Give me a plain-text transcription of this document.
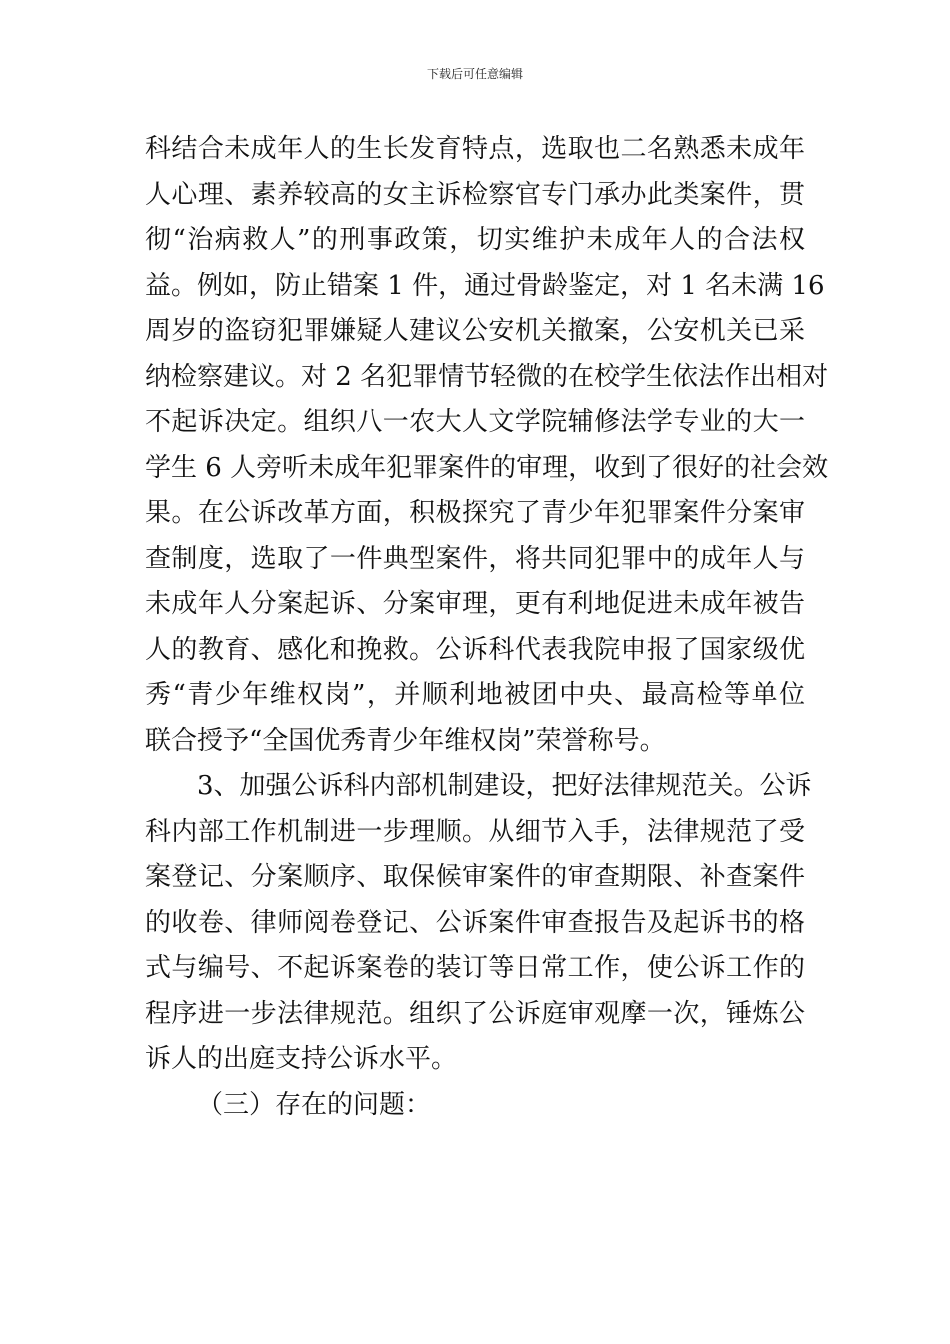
下载后可任意编辑
科结合未成年人的生长发育特点，选取也二名熟悉未成年
人心理、素养较高的女主诉检察官专门承办此类案件，贯
彻“治病救人”的刑事政策，切实维护未成年人的合法权
益。例如，防止错案 1 件，通过骨龄鉴定，对 1 名未满 16
周岁的盗窃犯罪嫌疑人建议公安机关撤案，公安机关已采
纳检察建议。对 2 名犯罪情节轻微的在校学生依法作出相对
不起诉决定。组织八一农大人文学院辅修法学专业的大一
学生 6 人旁听未成年犯罪案件的审理，收到了很好的社会效
果。在公诉改革方面，积极探究了青少年犯罪案件分案审
查制度，选取了一件典型案件，将共同犯罪中的成年人与
未成年人分案起诉、分案审理，更有利地促进未成年被告
人的教育、感化和挽救。公诉科代表我院申报了国家级优
秀“青少年维权岗”，并顺利地被团中央、最高检等单位
联合授予“全国优秀青少年维权岗”荣誉称号。
3、加强公诉科内部机制建设，把好法律规范关。公诉
科内部工作机制进一步理顺。从细节入手，法律规范了受
案登记、分案顺序、取保候审案件的审查期限、补查案件
的收卷、律师阅卷登记、公诉案件审查报告及起诉书的格
式与编号、不起诉案卷的装订等日常工作，使公诉工作的
程序进一步法律规范。组织了公诉庭审观摩一次，锤炼公
诉人的出庭支持公诉水平。
（三）存在的问题：
